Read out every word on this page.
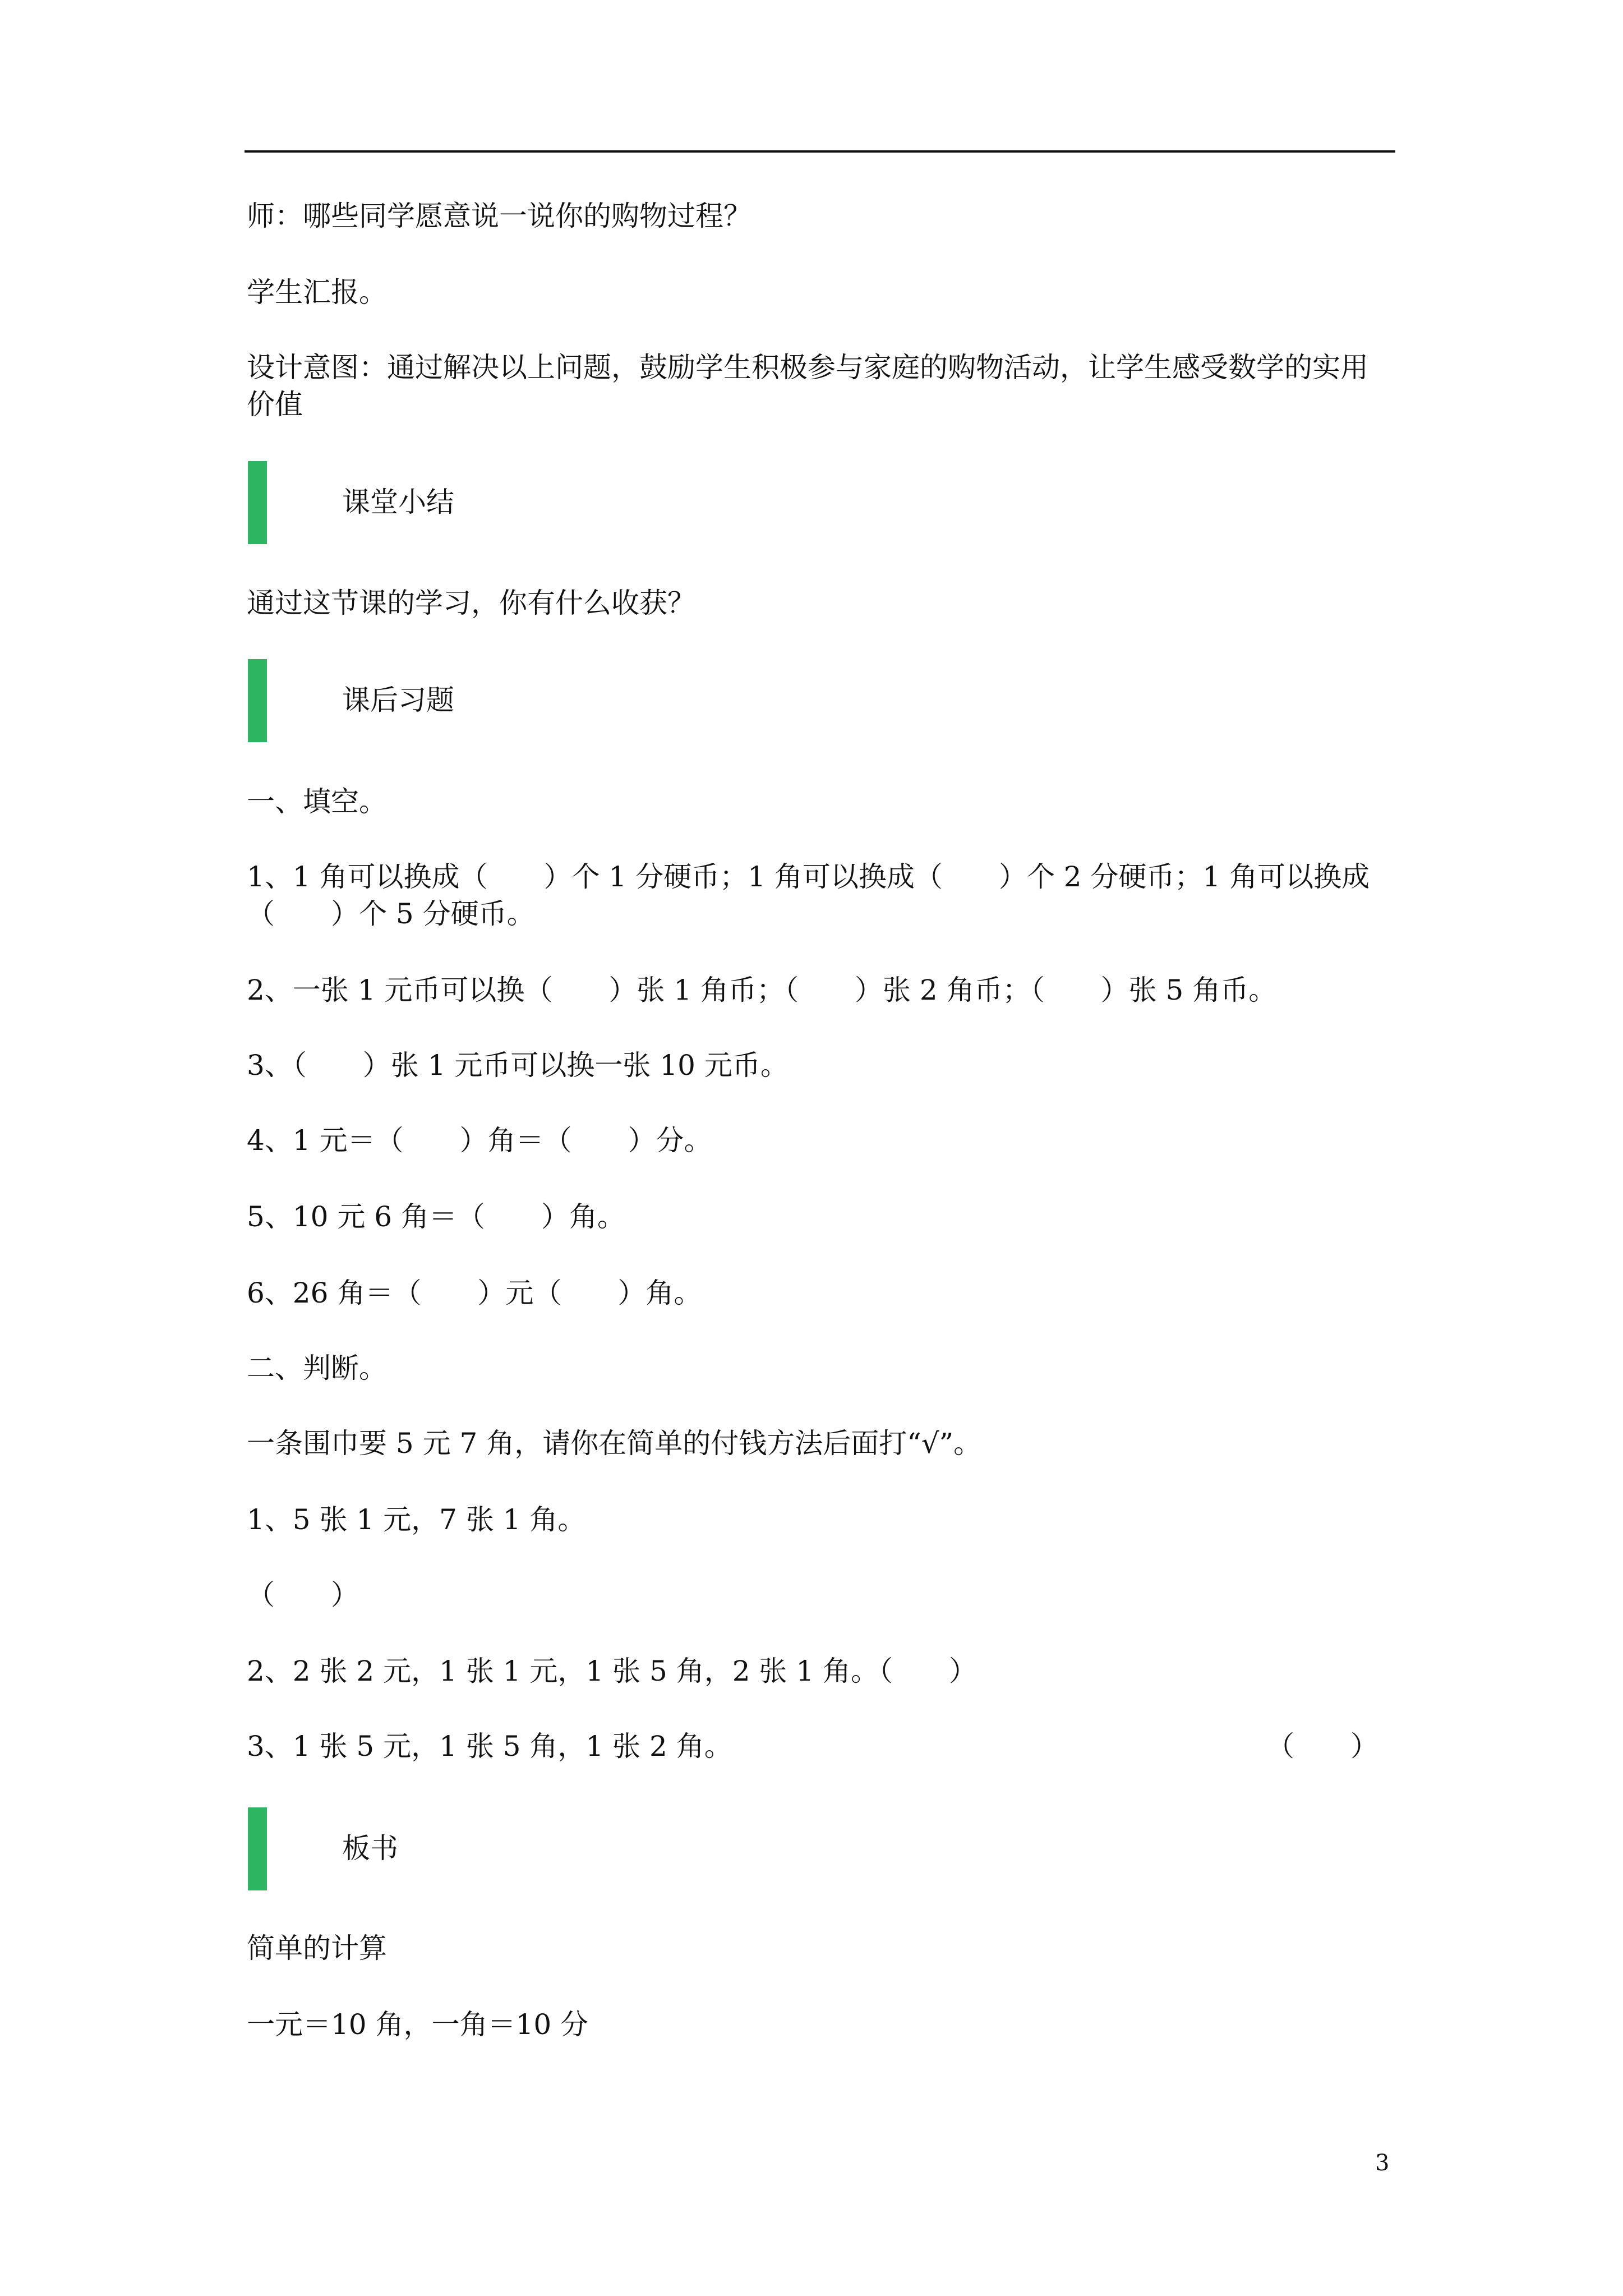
师：哪些同学愿意说一说你的购物过程？

学生汇报。

设计意图：通过解决以上问题，鼓励学生积极参与家庭的购物活动，让学生感受数学的实用价值

课堂小结

通过这节课的学习，你有什么收获？

课后习题

一、填空。

1、1 角可以换成（　　）个 1 分硬币；1 角可以换成（　　）个 2 分硬币；1 角可以换成（　　）个 5 分硬币。

2、一张 1 元币可以换（　　）张 1 角币；（　　）张 2 角币；（　　）张 5 角币。

3、（　　）张 1 元币可以换一张 10 元币。

4、1 元＝（　　）角＝（　　）分。

5、10 元 6 角＝（　　）角。

6、26 角＝（　　）元（　　）角。

二、判断。

一条围巾要 5 元 7 角，请你在简单的付钱方法后面打“√”。

1、5 张 1 元，7 张 1 角。

（　　）

2、2 张 2 元，1 张 1 元，1 张 5 角，2 张 1 角。（　　）

3、1 张 5 元，1 张 5 角，1 张 2 角。	（　　）
板书

简单的计算

一元＝10 角，一角＝10 分

3
